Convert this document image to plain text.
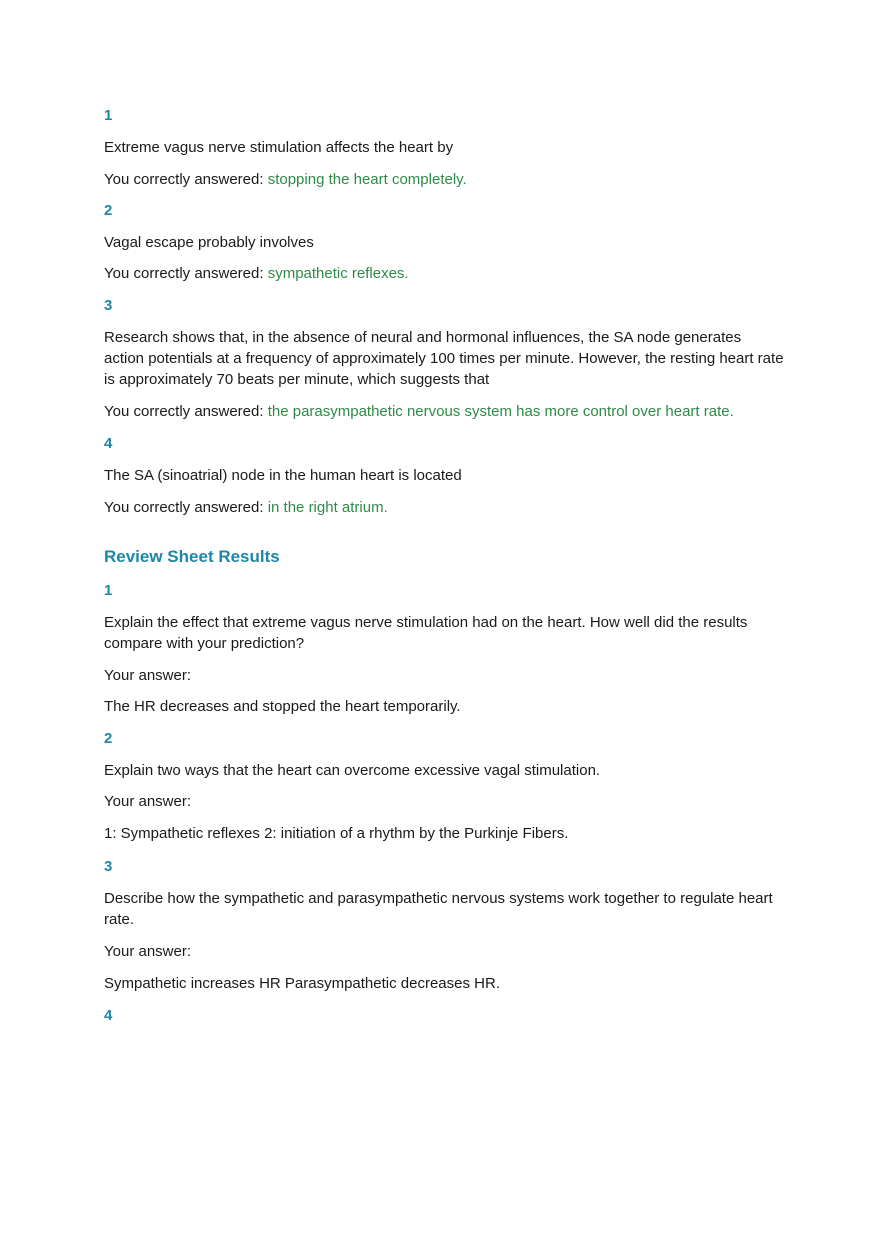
1
Extreme vagus nerve stimulation affects the heart by
You correctly answered: stopping the heart completely.
2
Vagal escape probably involves
You correctly answered: sympathetic reflexes.
3
Research shows that, in the absence of neural and hormonal influences, the SA node generates action potentials at a frequency of approximately 100 times per minute. However, the resting heart rate is approximately 70 beats per minute, which suggests that
You correctly answered: the parasympathetic nervous system has more control over heart rate.
4
The SA (sinoatrial) node in the human heart is located
You correctly answered: in the right atrium.
Review Sheet Results
1
Explain the effect that extreme vagus nerve stimulation had on the heart. How well did the results compare with your prediction?
Your answer:
The HR decreases and stopped the heart temporarily.
2
Explain two ways that the heart can overcome excessive vagal stimulation.
Your answer:
1: Sympathetic reflexes 2: initiation of a rhythm by the Purkinje Fibers.
3
Describe how the sympathetic and parasympathetic nervous systems work together to regulate heart rate.
Your answer:
Sympathetic increases HR Parasympathetic decreases HR.
4
